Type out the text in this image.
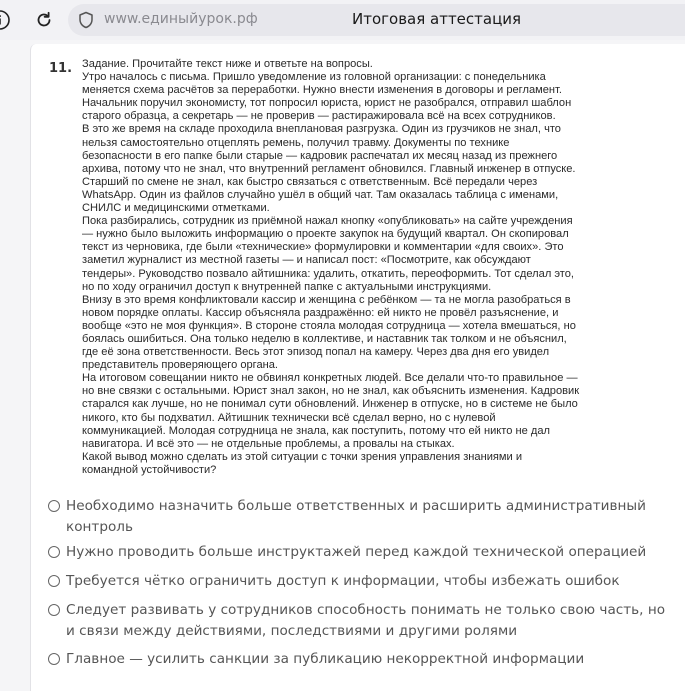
www.единыйурок.рф	Итоговая аттестация
11. Задание. Прочитайте текст ниже и ответьте на вопросы.
Утро началось с письма. Пришло уведомление из головной организации: с понедельника
меняется схема расчётов за переработки. Нужно внести изменения в договоры и регламент.
Начальник поручил экономисту, тот попросил юриста, юрист не разобрался, отправил шаблон
старого образца, а секретарь — не проверив — растиражировала всё на всех сотрудников.
В это же время на складе проходила внеплановая разгрузка. Один из грузчиков не знал, что
нельзя самостоятельно отцеплять ремень, получил травму. Документы по технике
безопасности в его папке были старые — кадровик распечатал их месяц назад из прежнего
архива, потому что не знал, что внутренний регламент обновился. Главный инженер в отпуске.
Старший по смене не знал, как быстро связаться с ответственным. Всё передали через
WhatsApp. Один из файлов случайно ушёл в общий чат. Там оказалась таблица с именами,
СНИЛС и медицинскими отметками.
Пока разбирались, сотрудник из приёмной нажал кнопку «опубликовать» на сайте учреждения
— нужно было выложить информацию о проекте закупок на будущий квартал. Он скопировал
текст из черновика, где были «технические» формулировки и комментарии «для своих». Это
заметил журналист из местной газеты — и написал пост: «Посмотрите, как обсуждают
тендеры». Руководство позвало айтишника: удалить, откатить, переоформить. Тот сделал это,
но по ходу ограничил доступ к внутренней папке с актуальными инструкциями.
Внизу в это время конфликтовали кассир и женщина с ребёнком — та не могла разобраться в
новом порядке оплаты. Кассир объясняла раздражённо: ей никто не провёл разъяснение, и
вообще «это не моя функция». В стороне стояла молодая сотрудница — хотела вмешаться, но
боялась ошибиться. Она только неделю в коллективе, и наставник так толком и не объяснил,
где её зона ответственности. Весь этот эпизод попал на камеру. Через два дня его увидел
представитель проверяющего органа.
На итоговом совещании никто не обвинял конкретных людей. Все делали что-то правильное —
но вне связки с остальными. Юрист знал закон, но не знал, как объяснить изменения. Кадровик
старался как лучше, но не понимал сути обновлений. Инженер в отпуске, но в системе не было
никого, кто бы подхватил. Айтишник технически всё сделал верно, но с нулевой
коммуникацией. Молодая сотрудница не знала, как поступить, потому что ей никто не дал
навигатора. И всё это — не отдельные проблемы, а провалы на стыках.
Какой вывод можно сделать из этой ситуации с точки зрения управления знаниями и
командной устойчивости?
Необходимо назначить больше ответственных и расширить административный контроль
Нужно проводить больше инструктажей перед каждой технической операцией
Требуется чётко ограничить доступ к информации, чтобы избежать ошибок
Следует развивать у сотрудников способность понимать не только свою часть, но и связи между действиями, последствиями и другими ролями
Главное — усилить санкции за публикацию некорректной информации
